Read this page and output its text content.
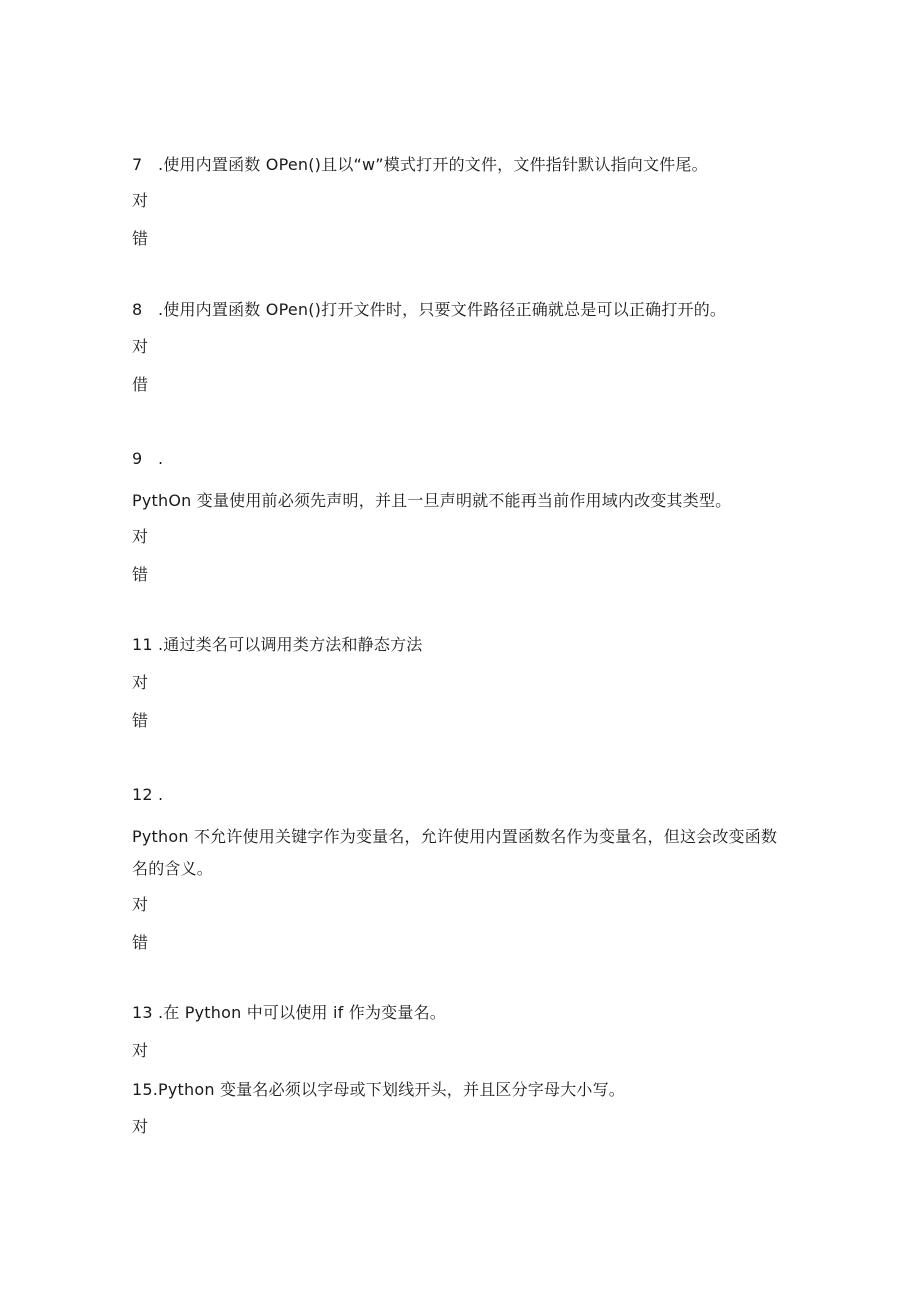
7 .使用内置函数 OPen()且以“w”模式打开的文件，文件指针默认指向文件尾。
对
错
8 .使用内置函数 OPen()打开文件时，只要文件路径正确就总是可以正确打开的。
对
借
9 .
PythOn 变量使用前必须先声明，并且一旦声明就不能再当前作用域内改变其类型。
对
错
11 .通过类名可以调用类方法和静态方法
对
错
12 .
Python 不允许使用关键字作为变量名，允许使用内置函数名作为变量名，但这会改变函数名的含义。
对
错
13 .在 Python 中可以使用 if 作为变量名。
对
15.Python 变量名必须以字母或下划线开头，并且区分字母大小写。
对
